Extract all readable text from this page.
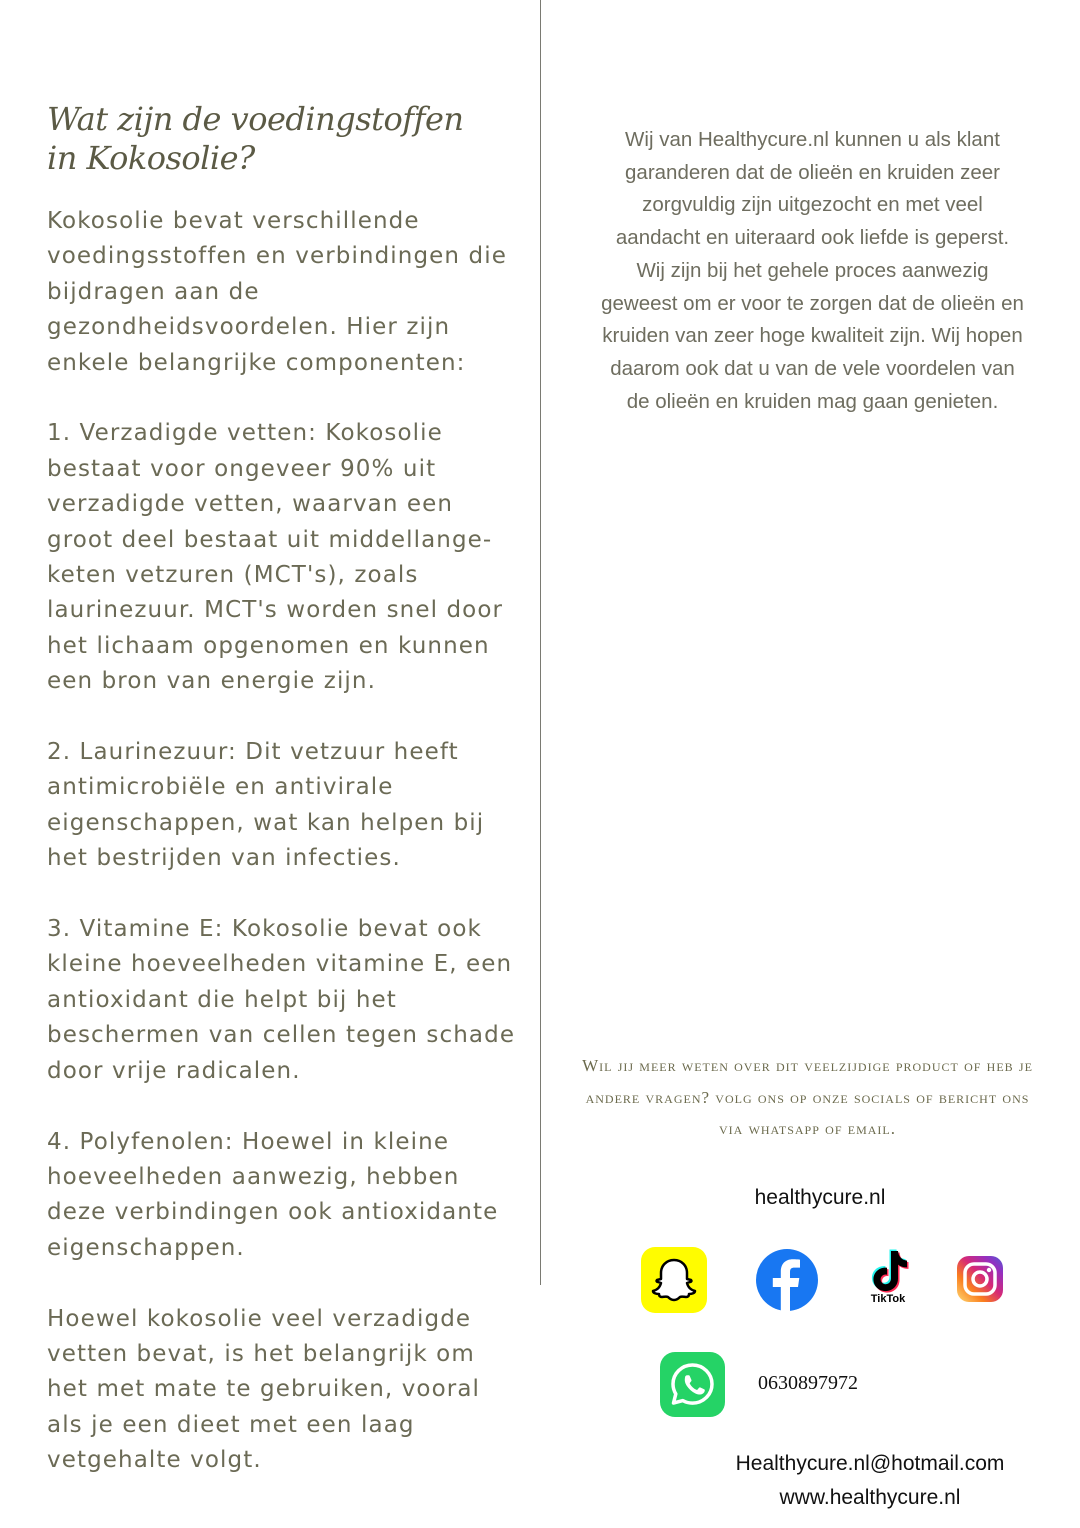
Wat zijn de voedingstoffen
in Kokosolie?

Kokosolie bevat verschillende voedingsstoffen en verbindingen die bijdragen aan de gezondheidsvoordelen. Hier zijn enkele belangrijke componenten:

1. Verzadigde vetten: Kokosolie bestaat voor ongeveer 90% uit verzadigde vetten, waarvan een groot deel bestaat uit middellange-keten vetzuren (MCT's), zoals laurinezuur. MCT's worden snel door het lichaam opgenomen en kunnen een bron van energie zijn.

2. Laurinezuur: Dit vetzuur heeft antimicrobiële en antivirale eigenschappen, wat kan helpen bij het bestrijden van infecties.

3. Vitamine E: Kokosolie bevat ook kleine hoeveelheden vitamine E, een antioxidant die helpt bij het beschermen van cellen tegen schade door vrije radicalen.

4. Polyfenolen: Hoewel in kleine hoeveelheden aanwezig, hebben deze verbindingen ook antioxidante eigenschappen.

Hoewel kokosolie veel verzadigde vetten bevat, is het belangrijk om het met mate te gebruiken, vooral als je een dieet met een laag vetgehalte volgt.

Wij van Healthycure.nl kunnen u als klant garanderen dat de olieën en kruiden zeer zorgvuldig zijn uitgezocht en met veel aandacht en uiteraard ook liefde is geperst. Wij zijn bij het gehele proces aanwezig geweest om er voor te zorgen dat de olieën en kruiden van zeer hoge kwaliteit zijn. Wij hopen daarom ook dat u van de vele voordelen van de olieën en kruiden mag gaan genieten.
Wil jij meer weten over dit veelzijdige product of heb je andere vragen? volg ons op onze socials of bericht ons via whatsapp of email.
healthycure.nl
TikTok
0630897972
Healthycure.nl@hotmail.com
www.healthycure.nl
